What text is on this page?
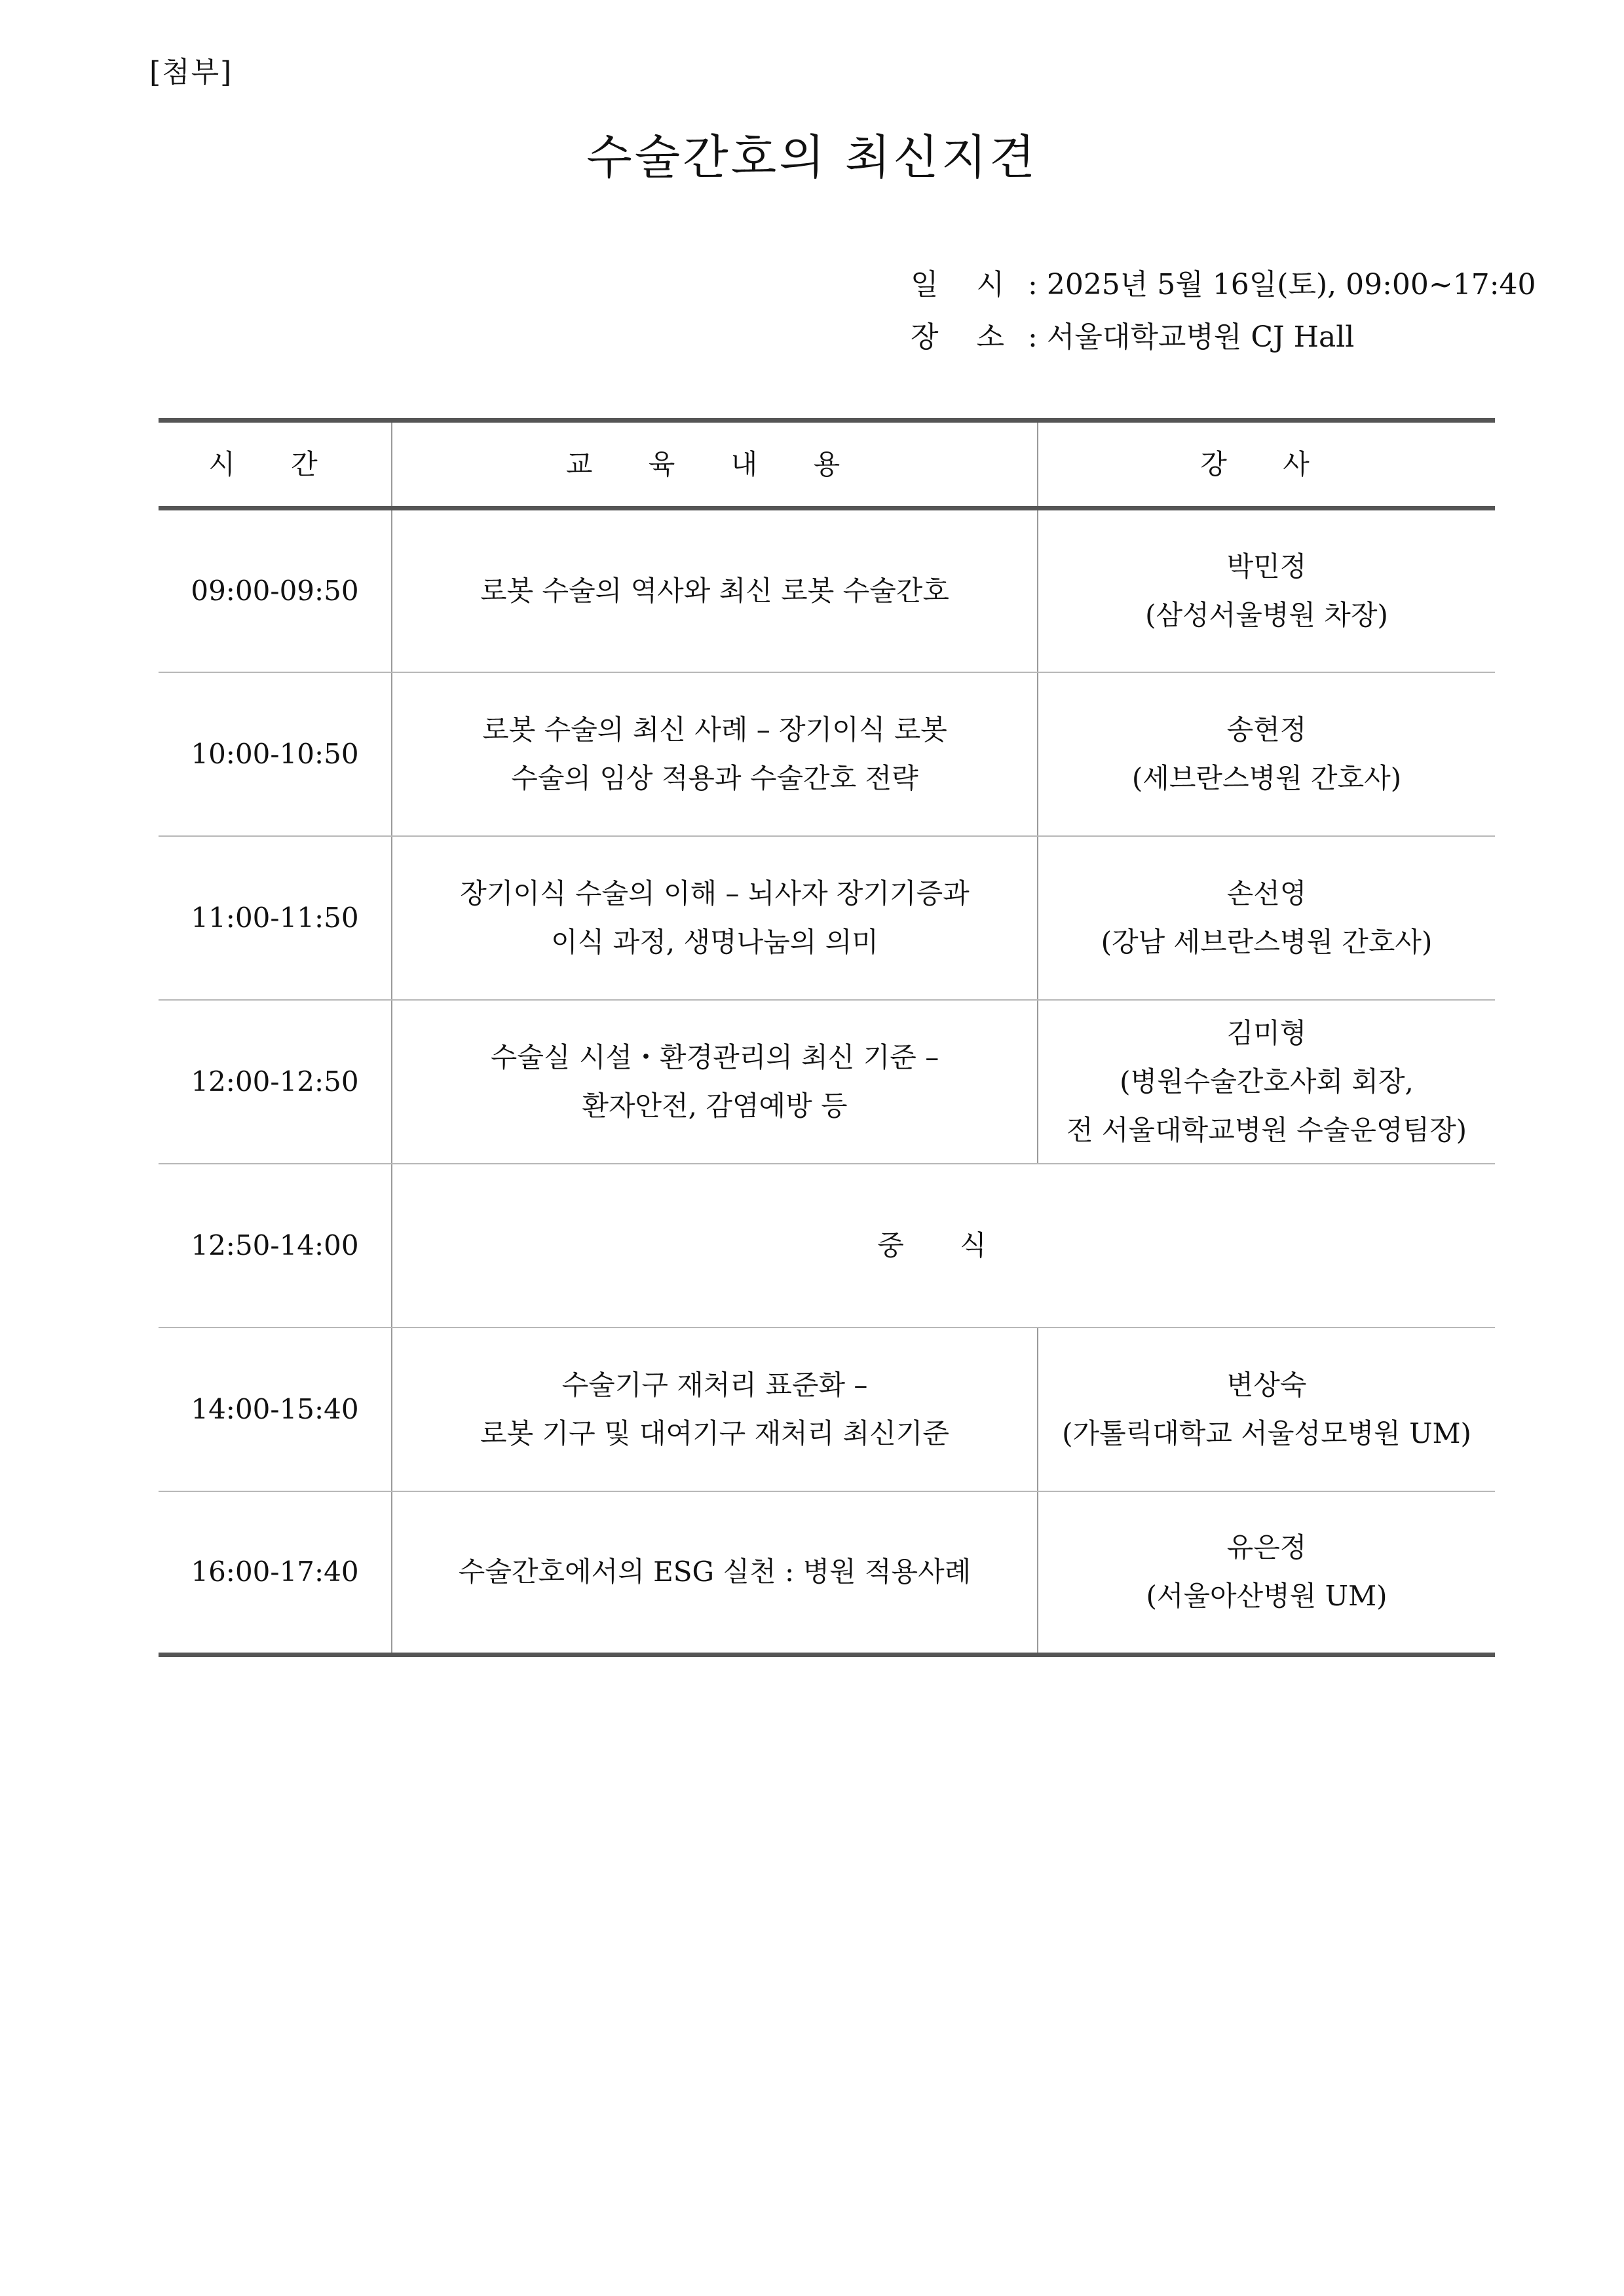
[첨부]
수술간호의 최신지견
일 시 : 2025년 5월 16일(토), 09:00~17:40
장 소 : 서울대학교병원 CJ Hall
시 간	교 육 내 용	강 사
09:00-09:50	로봇 수술의 역사와 최신 로봇 수술간호	박민정
(삼성서울병원 차장)

10:00-10:50	로봇 수술의 최신 사례 – 장기이식 로봇
수술의 임상 적용과 수술간호 전략	송현정
(세브란스병원 간호사)

11:00-11:50	장기이식 수술의 이해 – 뇌사자 장기기증과
이식 과정, 생명나눔의 의미	손선영
(강남 세브란스병원 간호사)

12:00-12:50	수술실 시설・환경관리의 최신 기준 –
환자안전, 감염예방 등	김미형
(병원수술간호사회 회장,
전 서울대학교병원 수술운영팀장)

12:50-14:00	중 식	
14:00-15:40	수술기구 재처리 표준화 –
로봇 기구 및 대여기구 재처리 최신기준	변상숙
(가톨릭대학교 서울성모병원 UM)

16:00-17:40	수술간호에서의 ESG 실천 : 병원 적용사례	유은정
(서울아산병원 UM)
